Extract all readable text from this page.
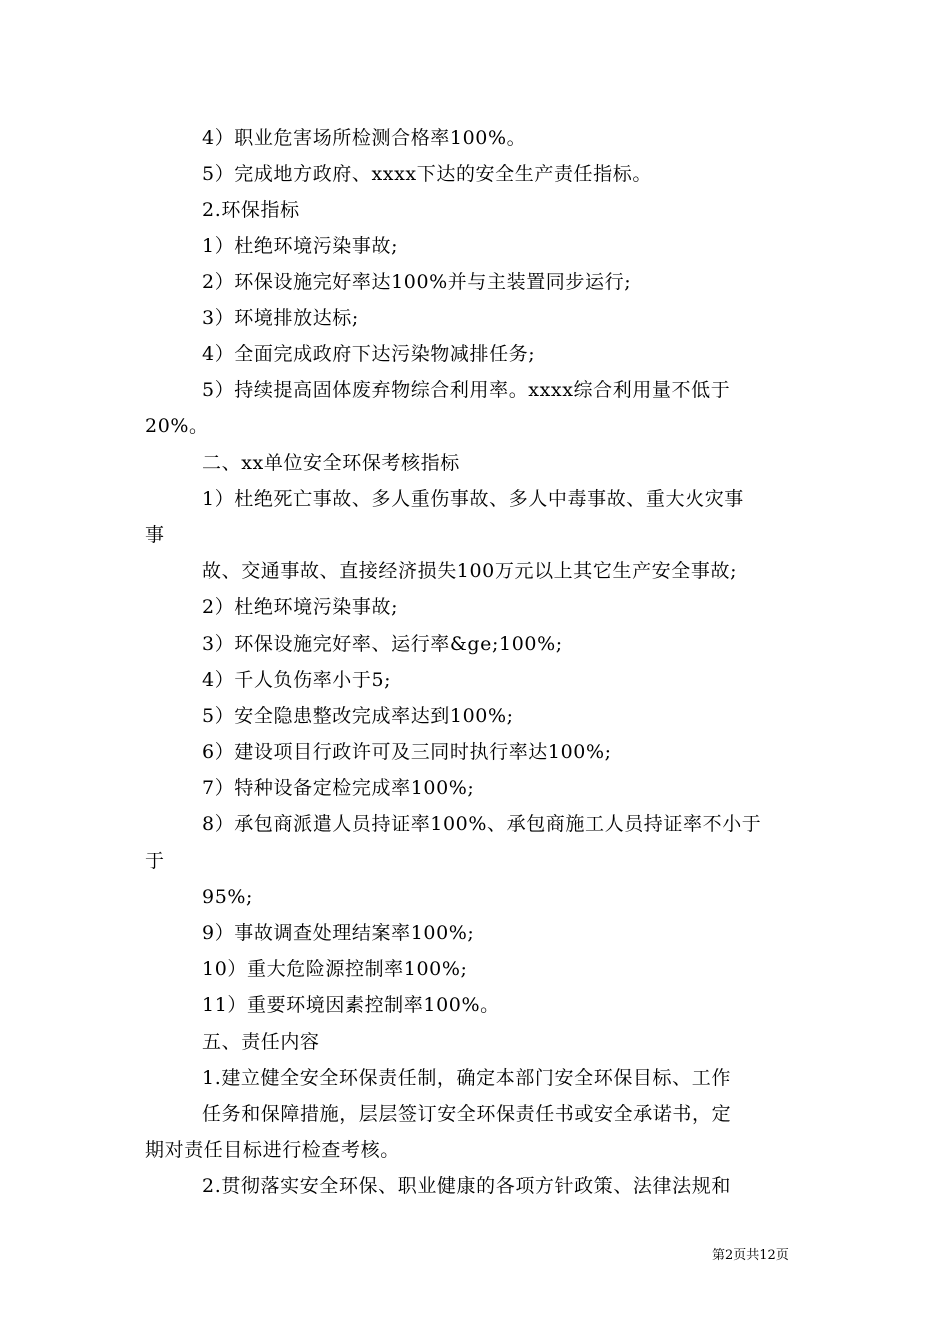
4）职业危害场所检测合格率100%。
5）完成地方政府、xxxx下达的安全生产责任指标。
2.环保指标
1）杜绝环境污染事故;
2）环保设施完好率达100%并与主装置同步运行;
3）环境排放达标;
4）全面完成政府下达污染物减排任务;
5）持续提高固体废弃物综合利用率。xxxx综合利用量不低于
20%。
二、xx单位安全环保考核指标
1）杜绝死亡事故、多人重伤事故、多人中毒事故、重大火灾事
事
故、交通事故、直接经济损失100万元以上其它生产安全事故;
2）杜绝环境污染事故;
3）环保设施完好率、运行率&ge;100%;
4）千人负伤率小于5;
5）安全隐患整改完成率达到100%;
6）建设项目行政许可及三同时执行率达100%;
7）特种设备定检完成率100%;
8）承包商派遣人员持证率100%、承包商施工人员持证率不小于
于
95%;
9）事故调查处理结案率100%;
10）重大危险源控制率100%;
11）重要环境因素控制率100%。
五、责任内容
1.建立健全安全环保责任制，确定本部门安全环保目标、工作
任务和保障措施，层层签订安全环保责任书或安全承诺书，定
期对责任目标进行检查考核。
2.贯彻落实安全环保、职业健康的各项方针政策、法律法规和
第2页共12页
